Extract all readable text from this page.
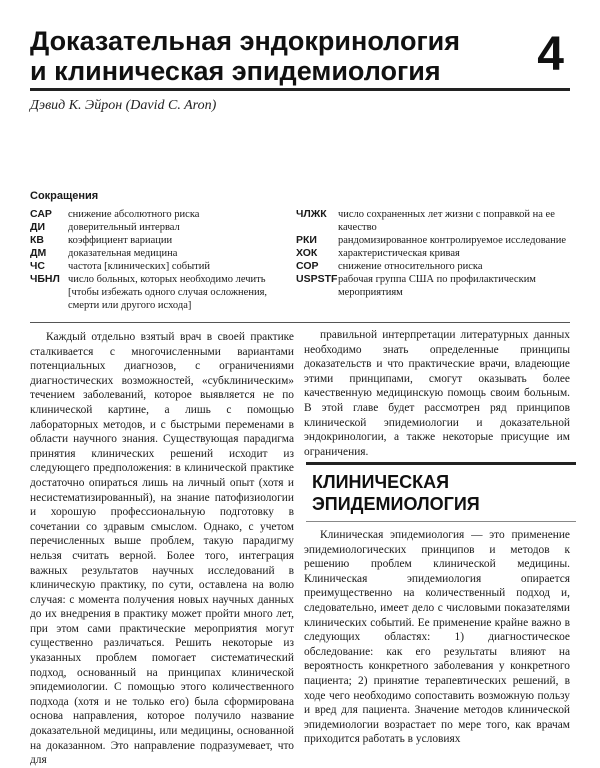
Доказательная эндокринология
и клиническая эпидемиология	4
Дэвид К. Эйрон (David C. Aron)
Сокращения
САР	снижение абсолютного риска
ДИ	доверительный интервал
КВ	коэффициент вариации
ДМ	доказательная медицина
ЧС	частота [клинических] событий
ЧБНЛ число больных, которых необходимо лечить [чтобы избежать одного случая осложнения, смерти или другого исхода]
ЧЛЖК	число сохраненных лет жизни с поправкой на ее качество
РКИ	рандомизированное контролируемое исследование
ХОК	характеристическая кривая
СОР	снижение относительного риска
USPSTF рабочая группа США по профилактическим мероприятиям

Каждый отдельно взятый врач в своей практике сталкивается с многочисленными вариантами потенциальных диагнозов, с ограничениями диагностических возможностей, «субклиническим» течением заболеваний, которое выявляется не по клинической картине, а лишь с помощью лабораторных методов, и с быстрыми переменами в области научного знания. Существующая парадигма принятия клинических решений исходит из следующего предположения: в клинической практике достаточно опираться лишь на личный опыт (хотя и несистематизированный), на знание патофизиологии и хорошую профессиональную подготовку в сочетании со здравым смыслом. Однако, с учетом перечисленных выше проблем, такую парадигму нельзя считать верной. Более того, интеграция важных результатов научных исследований в клиническую практику, по сути, оставлена на волю случая: с момента получения новых научных данных до их внедрения в практику может пройти много лет, при этом сами практические мероприятия могут существенно различаться. Решить некоторые из указанных проблем помогает систематический подход, основанный на принципах клинической эпидемиологии. С помощью этого количественного подхода (хотя и не только его) была сформирована основа направления, которое получило название доказательной медицины, или медицины, основанной на доказанном. Это направление подразумевает, что для

правильной интерпретации литературных данных необходимо знать определенные принципы доказательств и что практические врачи, владеющие этими принципами, смогут оказывать более качественную медицинскую помощь своим больным. В этой главе будет рассмотрен ряд принципов клинической эпидемиологии и доказательной эндокринологии, а также некоторые присущие им ограничения.

КЛИНИЧЕСКАЯ
ЭПИДЕМИОЛОГИЯ

Клиническая эпидемиология — это применение эпидемиологических принципов и методов к решению проблем клинической медицины. Клиническая эпидемиология опирается преимущественно на количественный подход и, следовательно, имеет дело с числовыми показателями клинических событий. Ее применение крайне важно в следующих областях: 1) диагностическое обследование: как его результаты влияют на вероятность конкретного заболевания у конкретного пациента; 2) принятие терапевтических решений, в ходе чего необходимо сопоставить возможную пользу и вред для пациента. Значение методов клинической эпидемиологии возрастает по мере того, как врачам приходится работать в условиях
